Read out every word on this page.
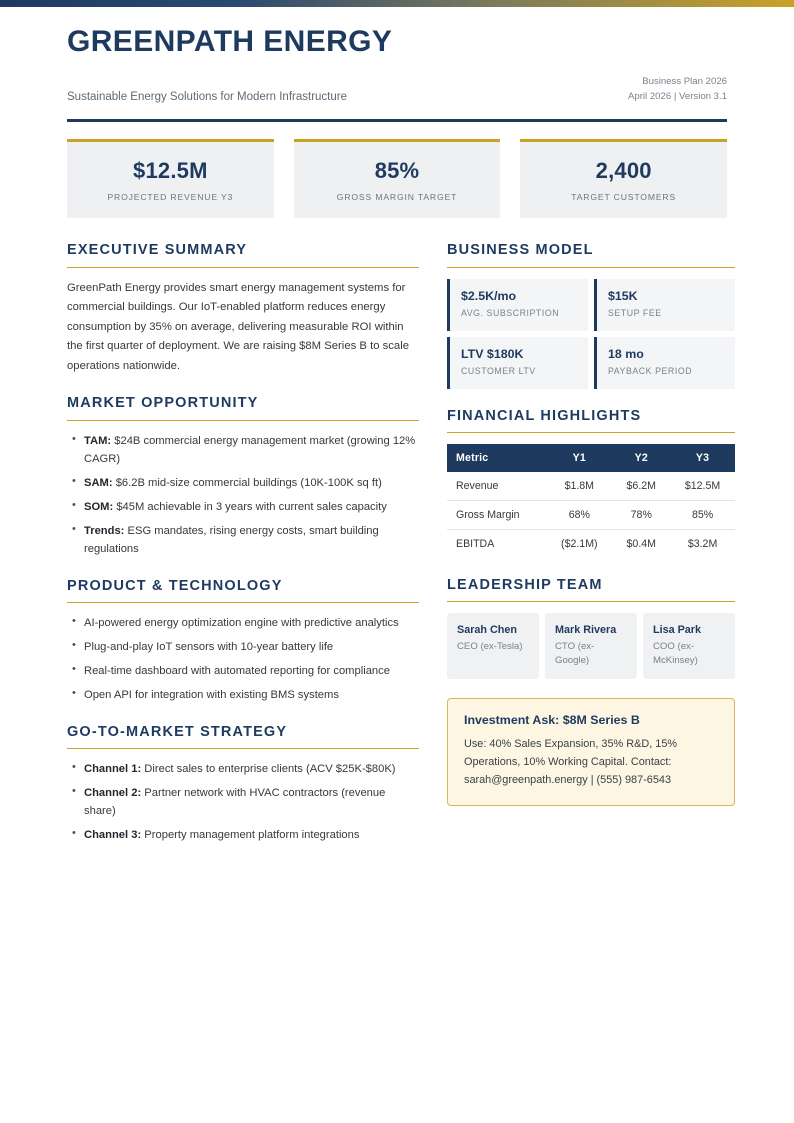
GREENPATH ENERGY
Sustainable Energy Solutions for Modern Infrastructure
Business Plan 2026
April 2026 | Version 3.1
$12.5M
PROJECTED REVENUE Y3
85%
GROSS MARGIN TARGET
2,400
TARGET CUSTOMERS
EXECUTIVE SUMMARY

GreenPath Energy provides smart energy management systems for commercial buildings. Our IoT-enabled platform reduces energy consumption by 35% on average, delivering measurable ROI within the first quarter of deployment. We are raising $8M Series B to scale operations nationwide.

MARKET OPPORTUNITY
• TAM: $24B commercial energy management market (growing 12% CAGR)
• SAM: $6.2B mid-size commercial buildings (10K-100K sq ft)
• SOM: $45M achievable in 3 years with current sales capacity
• Trends: ESG mandates, rising energy costs, smart building regulations
PRODUCT & TECHNOLOGY
• AI-powered energy optimization engine with predictive analytics
• Plug-and-play IoT sensors with 10-year battery life
• Real-time dashboard with automated reporting for compliance
• Open API for integration with existing BMS systems
GO-TO-MARKET STRATEGY
• Channel 1: Direct sales to enterprise clients (ACV $25K-$80K)
• Channel 2: Partner network with HVAC contractors (revenue share)
• Channel 3: Property management platform integrations
BUSINESS MODEL
$2.5K/mo
AVG. SUBSCRIPTION
$15K
SETUP FEE
LTV $180K
CUSTOMER LTV
18 mo
PAYBACK PERIOD
FINANCIAL HIGHLIGHTS
Metric	Y1	Y2	Y3
Revenue	$1.8M	$6.2M	$12.5M
Gross Margin	68%	78%	85%
EBITDA	($2.1M)	$0.4M	$3.2M
LEADERSHIP TEAM
Sarah Chen
CEO (ex-Tesla)
Mark Rivera
CTO (ex-Google)
Lisa Park
COO (ex-McKinsey)
Investment Ask: $8M Series B
Use: 40% Sales Expansion, 35% R&D, 15% Operations, 10% Working Capital. Contact: sarah@greenpath.energy | (555) 987-6543
